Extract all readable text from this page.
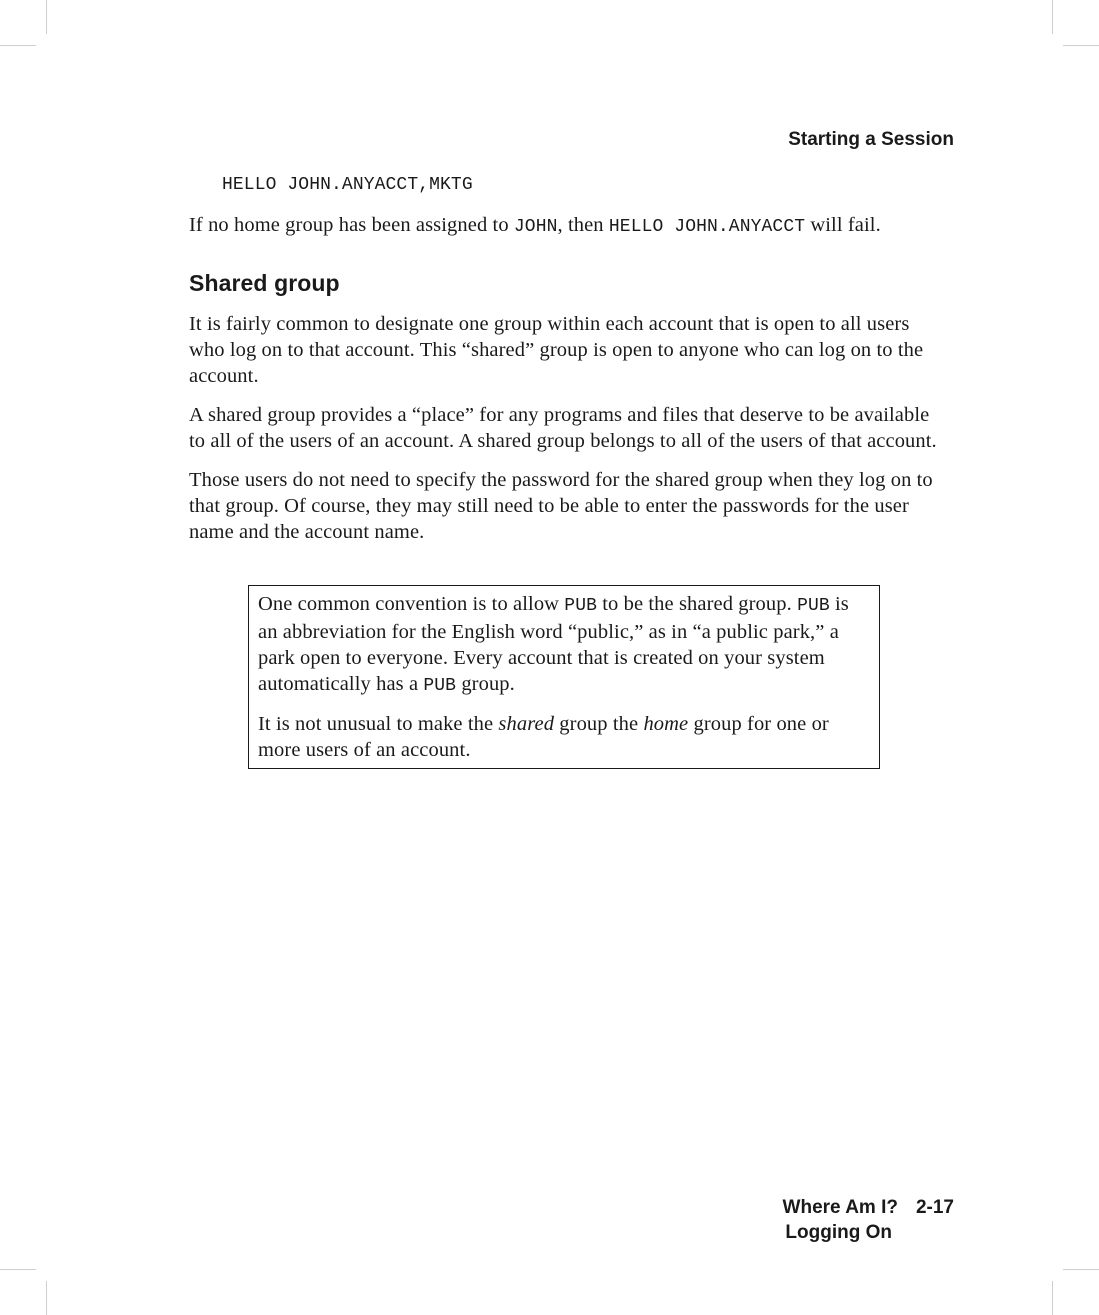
Starting a Session
HELLO JOHN.ANYACCT,MKTG

If no home group has been assigned to JOHN, then HELLO JOHN.ANYACCT will fail.

Shared group

It is fairly common to designate one group within each account that is open to all users who log on to that account. This “shared” group is open to anyone who can log on to the account.

A shared group provides a “place” for any programs and files that deserve to be available to all of the users of an account. A shared group belongs to all of the users of that account.

Those users do not need to specify the password for the shared group when they log on to that group. Of course, they may still need to be able to enter the passwords for the user name and the account name.

One common convention is to allow PUB to be the shared group. PUB is an abbreviation for the English word “public,” as in “a public park,” a park open to everyone. Every account that is created on your system automatically has a PUB group.

It is not unusual to make the shared group the home group for one or more users of an account.

Where Am I? 2-17
Logging On
